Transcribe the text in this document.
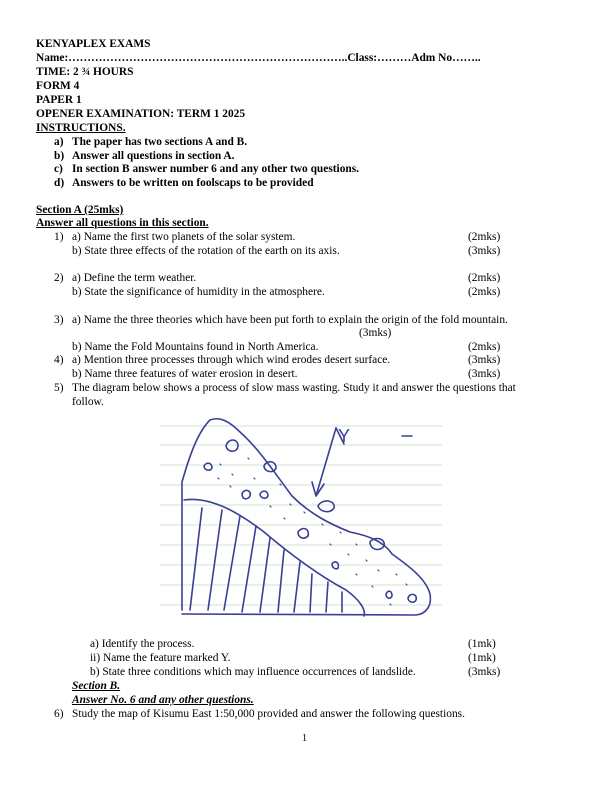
KENYAPLEX EXAMS
Name:………………………………………………………………..Class:………Adm No……..
TIME: 2 ¾ HOURS
FORM 4
PAPER 1
OPENER EXAMINATION: TERM 1 2025
INSTRUCTIONS.
a) The paper has two sections A and B.
b) Answer all questions in section A.
c) In section B answer number 6 and any other two questions.
d) Answers to be written on foolscaps to be provided
Section A (25mks)
Answer all questions in this section.
1) a) Name the first two planets of the solar system.	(2mks)
b) State three effects of the rotation of the earth on its axis.	(3mks)
2) a) Define the term weather.	(2mks)
b) State the significance of humidity in the atmosphere.	(2mks)
3) a) Name the three theories which have been put forth to explain the origin of the fold mountain.
(3mks)
b) Name the Fold Mountains found in North America.	(2mks)
4) a) Mention three processes through which wind erodes desert surface.	(3mks)
b) Name three features of water erosion in desert.	(3mks)
5) The diagram below shows a process of slow mass wasting. Study it and answer the questions that
follow.
Y
a) Identify the process.	(1mk)
ii) Name the feature marked Y.	(1mk)
b) State three conditions which may influence occurrences of landslide.	(3mks)
Section B.
Answer No. 6 and any other questions.
6) Study the map of Kisumu East 1:50,000 provided and answer the following questions.
1
